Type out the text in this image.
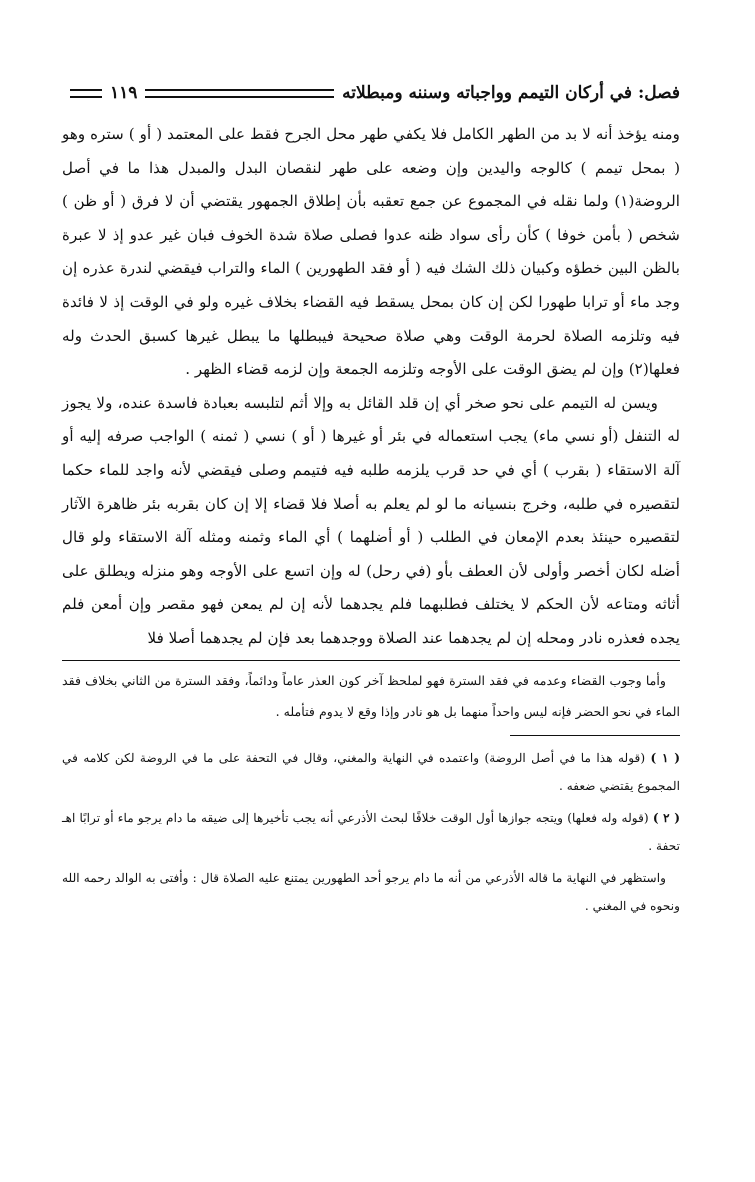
فصل: في أركان التيمم وواجباته وسننه ومبطلاته
١١٩

ومنه يؤخذ أنه لا بد من الطهر الكامل فلا يكفي طهر محل الجرح فقط على المعتمد ( أو ) ستره وهو ( بمحل تيمم ) كالوجه واليدين وإن وضعه على طهر لنقصان البدل والمبدل هذا ما في أصل الروضة(١) ولما نقله في المجموع عن جمع تعقبه بأن إطلاق الجمهور يقتضي أن لا فرق ( أو ظن ) شخص ( بأمن خوفا ) كأن رأى سواد ظنه عدوا فصلى صلاة شدة الخوف فبان غير عدو إذ لا عبرة بالظن البين خطؤه وكبيان ذلك الشك فيه ( أو فقد الطهورين ) الماء والتراب فيقضي لندرة عذره إن وجد ماء أو ترابا طهورا لكن إن كان بمحل يسقط فيه القضاء بخلاف غيره ولو في الوقت إذ لا فائدة فيه وتلزمه الصلاة لحرمة الوقت وهي صلاة صحيحة فيبطلها ما يبطل غيرها كسبق الحدث وله فعلها(٢) وإن لم يضق الوقت على الأوجه وتلزمه الجمعة وإن لزمه قضاء الظهر .

ويسن له التيمم على نحو صخر أي إن قلد القائل به وإلا أثم لتلبسه بعبادة فاسدة عنده، ولا يجوز له التنفل (أو نسي ماء) يجب استعماله في بئر أو غيرها ( أو ) نسي ( ثمنه ) الواجب صرفه إليه أو آلة الاستقاء ( بقرب ) أي في حد قرب يلزمه طلبه فيه فتيمم وصلى فيقضي لأنه واجد للماء حكما لتقصيره في طلبه، وخرج بنسيانه ما لو لم يعلم به أصلا فلا قضاء إلا إن كان بقربه بئر ظاهرة الآثار لتقصيره حينئذ بعدم الإمعان في الطلب ( أو أضلهما ) أي الماء وثمنه ومثله آلة الاستقاء ولو قال أضله لكان أخصر وأولى لأن العطف بأو (في رحل) له وإن اتسع على الأوجه وهو منزله ويطلق على أثاثه ومتاعه لأن الحكم لا يختلف فطلبهما فلم يجدهما لأنه إن لم يمعن فهو مقصر وإن أمعن فلم يجده فعذره نادر ومحله إن لم يجدهما عند الصلاة ووجدهما بعد فإن لم يجدهما أصلا فلا

وأما وجوب القضاء وعدمه في فقد السترة فهو لملحظ آخر كون العذر عاماً ودائماً، وفقد السترة من الثاني بخلاف فقد الماء في نحو الحضر فإنه ليس واحداً منهما بل هو نادر وإذا وقع لا يدوم فتأمله .

( ١ ) (قوله هذا ما في أصل الروضة) واعتمده في النهاية والمغني، وقال في التحفة على ما في الروضة لكن كلامه في المجموع يقتضي ضعفه .

( ٢ ) (قوله وله فعلها) ويتجه جوازها أول الوقت خلافًا لبحث الأذرعي أنه يجب تأخيرها إلى ضيقه ما دام يرجو ماء أو ترابًا اهـ تحفة .

واستظهر في النهاية ما قاله الأذرعي من أنه ما دام يرجو أحد الطهورين يمتنع عليه الصلاة قال : وأفتى به الوالد رحمه الله ونحوه في المغني .
